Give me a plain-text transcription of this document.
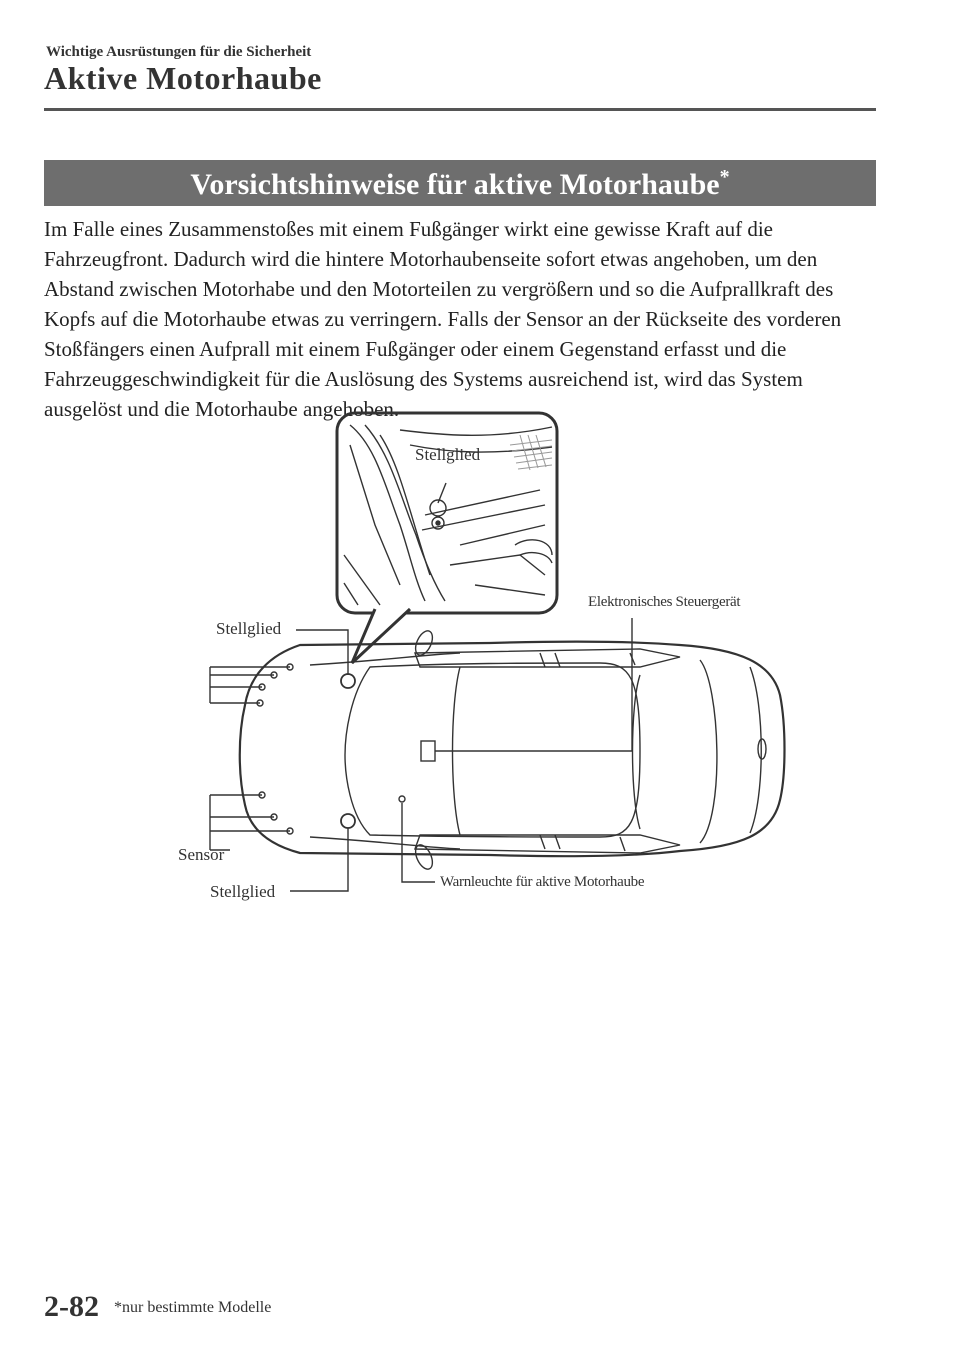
Wichtige Ausrüstungen für die Sicherheit
Aktive Motorhaube
Vorsichtshinweise für aktive Motorhaube*

Im Falle eines Zusammenstoßes mit einem Fußgänger wirkt eine gewisse Kraft auf die Fahrzeugfront. Dadurch wird die hintere Motorhaubenseite sofort etwas angehoben, um den Abstand zwischen Motorhabe und den Motorteilen zu vergrößern und so die Aufprallkraft des Kopfs auf die Motorhaube etwas zu verringern. Falls der Sensor an der Rückseite des vorderen Stoßfängers einen Aufprall mit einem Fußgänger oder einem Gegenstand erfasst und die Fahrzeuggeschwindigkeit für die Auslösung des Systems ausreichend ist, wird das System ausgelöst und die Motorhaube angehoben.

Stellglied
Stellglied
Elektronisches Steuergerät
Sensor
Stellglied	Warnleuchte für aktive Motorhaube
2-82 *nur bestimmte Modelle
